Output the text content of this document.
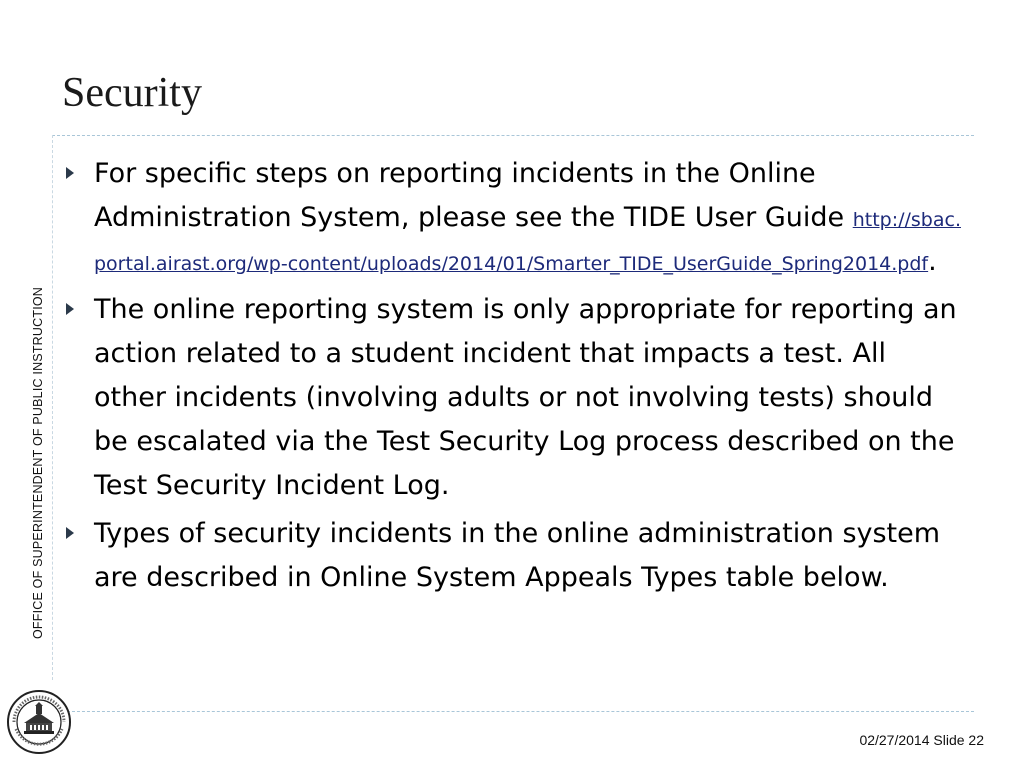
Security
OFFICE OF SUPERINTENDENT OF PUBLIC INSTRUCTION
For specific steps on reporting incidents in the Online Administration System, please see the TIDE User Guide http://sbac.portal.airast.org/wp-content/uploads/2014/01/Smarter_TIDE_UserGuide_Spring2014.pdf.
The online reporting system is only appropriate for reporting an action related to a student incident that impacts a test. All other incidents (involving adults or not involving tests) should be escalated via the Test Security Log process described on the Test Security Incident Log.
Types of security incidents in the online administration system are described in Online System Appeals Types table below.
02/27/2014 Slide 22
